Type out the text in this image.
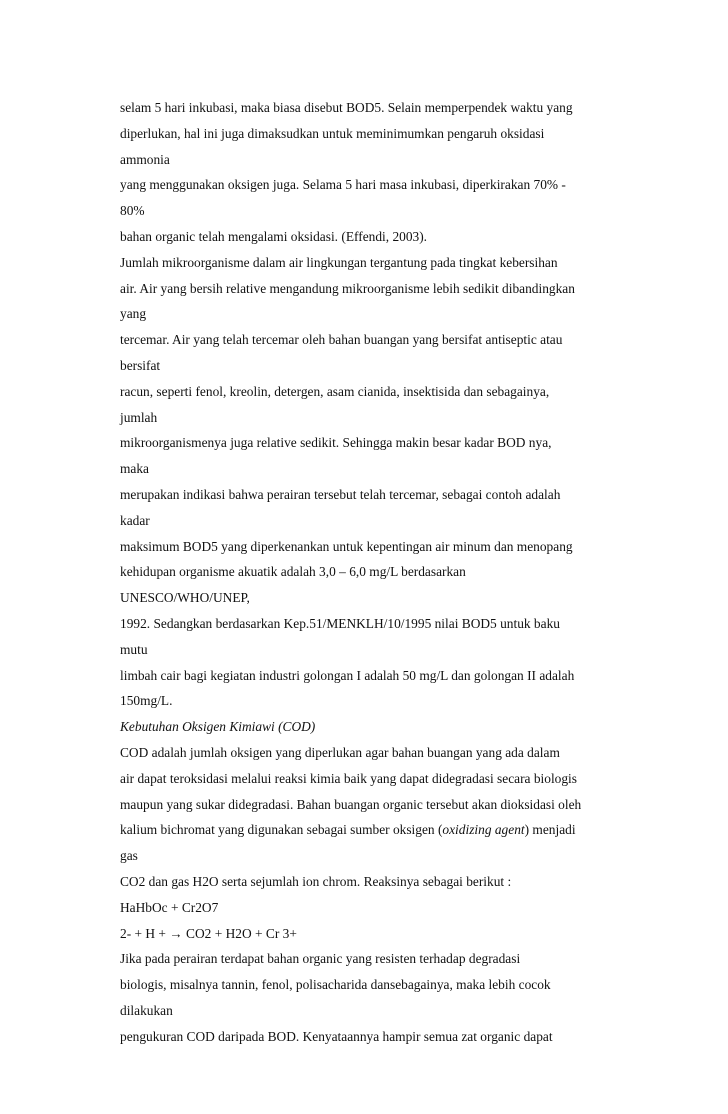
selam 5 hari inkubasi, maka biasa disebut BOD5. Selain memperpendek waktu yang
diperlukan, hal ini juga dimaksudkan untuk meminimumkan pengaruh oksidasi
ammonia
yang menggunakan oksigen juga. Selama 5 hari masa inkubasi, diperkirakan 70% -
80%
bahan organic telah mengalami oksidasi. (Effendi, 2003).
Jumlah mikroorganisme dalam air lingkungan tergantung pada tingkat kebersihan
air. Air yang bersih relative mengandung mikroorganisme lebih sedikit dibandingkan
yang
tercemar. Air yang telah tercemar oleh bahan buangan yang bersifat antiseptic atau
bersifat
racun, seperti fenol, kreolin, detergen, asam cianida, insektisida dan sebagainya,
jumlah
mikroorganismenya juga relative sedikit. Sehingga makin besar kadar BOD nya,
maka
merupakan indikasi bahwa perairan tersebut telah tercemar, sebagai contoh adalah
kadar
maksimum BOD5 yang diperkenankan untuk kepentingan air minum dan menopang
kehidupan organisme akuatik adalah 3,0 – 6,0 mg/L berdasarkan
UNESCO/WHO/UNEP,
1992. Sedangkan berdasarkan Kep.51/MENKLH/10/1995 nilai BOD5 untuk baku
mutu
limbah cair bagi kegiatan industri golongan I adalah 50 mg/L dan golongan II adalah
150mg/L.
Kebutuhan Oksigen Kimiawi (COD)
COD adalah jumlah oksigen yang diperlukan agar bahan buangan yang ada dalam
air dapat teroksidasi melalui reaksi kimia baik yang dapat didegradasi secara biologis
maupun yang sukar didegradasi. Bahan buangan organic tersebut akan dioksidasi oleh
kalium bichromat yang digunakan sebagai sumber oksigen (oxidizing agent) menjadi
gas
CO2 dan gas H2O serta sejumlah ion chrom. Reaksinya sebagai berikut :
HaHbOc + Cr2O7
2- + H + → CO2 + H2O + Cr 3+
Jika pada perairan terdapat bahan organic yang resisten terhadap degradasi
biologis, misalnya tannin, fenol, polisacharida dansebagainya, maka lebih cocok
dilakukan
pengukuran COD daripada BOD. Kenyataannya hampir semua zat organic dapat
